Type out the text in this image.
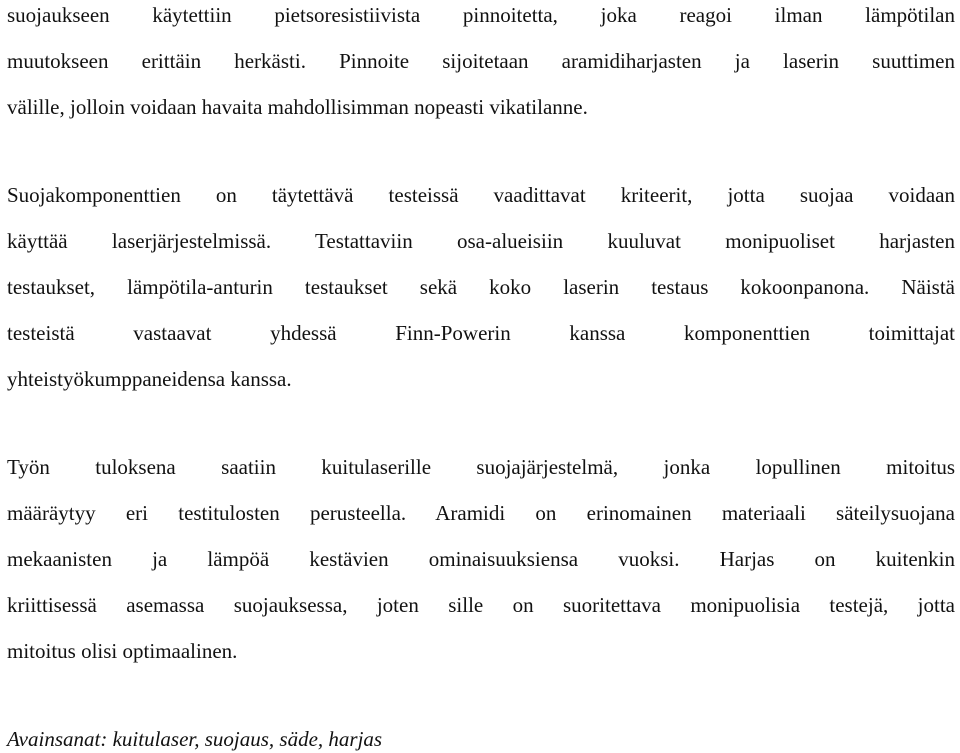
suojaukseen käytettiin pietsoresistiivista pinnoitetta, joka reagoi ilman lämpötilan
muutokseen erittäin herkästi. Pinnoite sijoitetaan aramidiharjasten ja laserin suuttimen
välille, jolloin voidaan havaita mahdollisimman nopeasti vikatilanne.
Suojakomponenttien on täytettävä testeissä vaadittavat kriteerit, jotta suojaa voidaan
käyttää laserjärjestelmissä. Testattaviin osa-alueisiin kuuluvat monipuoliset harjasten
testaukset, lämpötila-anturin testaukset sekä koko laserin testaus kokoonpanona. Näistä
testeistä vastaavat yhdessä Finn-Powerin kanssa komponenttien toimittajat
yhteistyökumppaneidensa kanssa.
Työn tuloksena saatiin kuitulaserille suojajärjestelmä, jonka lopullinen mitoitus
määräytyy eri testitulosten perusteella. Aramidi on erinomainen materiaali säteilysuojana
mekaanisten ja lämpöä kestävien ominaisuuksiensa vuoksi. Harjas on kuitenkin
kriittisessä asemassa suojauksessa, joten sille on suoritettava monipuolisia testejä, jotta
mitoitus olisi optimaalinen.
Avainsanat: kuitulaser, suojaus, säde, harjas
